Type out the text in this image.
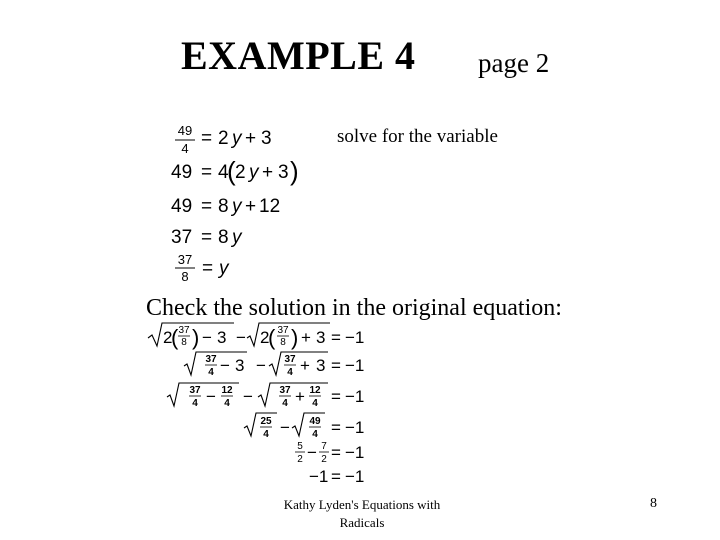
EXAMPLE 4 page 2
solve for the variable
Check the solution in the original equation:
Kathy Lyden's Equations with Radicals
8
49
4 = 2 y + 3
49 = 4
( 2 y + 3 )
49 = 8 y + 12
37 = 8 y
37
8 = y
2
( 37
8 ) − 3 − 2
( 37
8 ) + 3 = −1
37
4 − 3 − 37
4 + 3 = −1
37
4 − 12
4 −	37
4 + 12
4 = −1
25
4 − 49
4 = −1
5
2 − 7
2 = −1
−1 = −1
